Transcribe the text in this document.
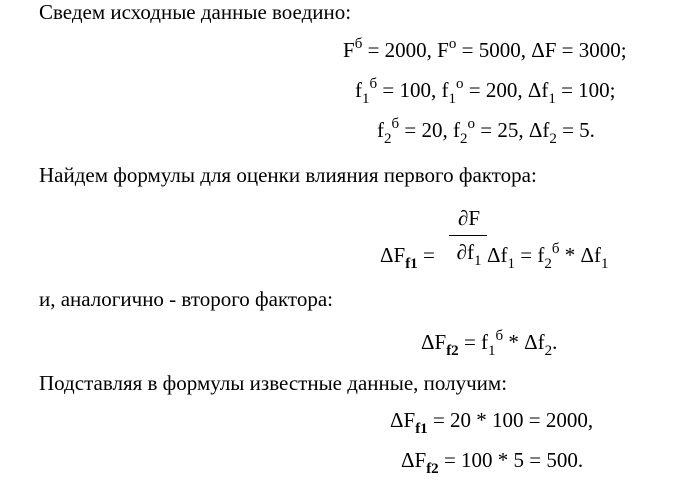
Сведем исходные данные воедино:
$F^б = 2000$, $F^о = 5000$, ΔF = 3000;
$f_1^б = 100$, $f_1^о = 200$, $\Delta f_1 = 100$;
$f_2^б = 20$, $f_2^о = 25$, $\Delta f_2 = 5$.
Найдем формулы для оценки влияния первого фактора:
∂F
$\partial f_1$
$\Delta F_{f1} = \Delta f_1 = f_2^б * \Delta f_1$
и, аналогично - второго фактора:
$\Delta F_{f2} = f_1^б * \Delta f_2$.
Подставляя в формулы известные данные, получим:
$\Delta F_{f1} = 20 * 100 = 2000$,
$\Delta F_{f2} = 100 * 5 = 500$.
